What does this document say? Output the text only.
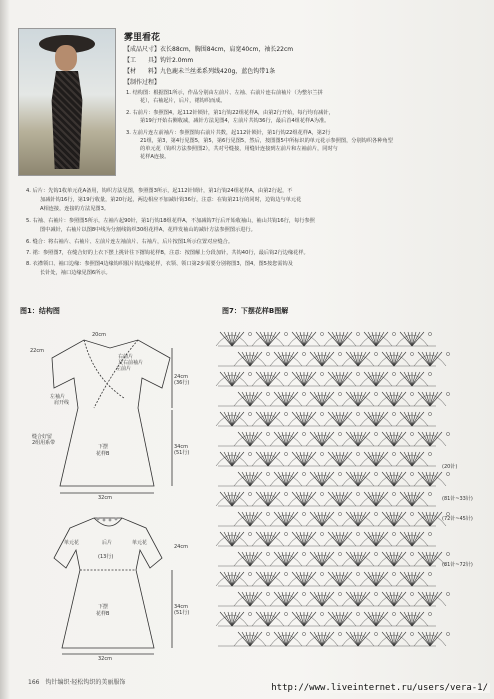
雾里看花
【成品尺寸】衣长88cm，胸围84cm，肩宽40cm，袖长22cm
【工　　具】钩针2.0mm
【材　　料】九色鹿未兰丝柔系列线420g，蓝色钩带1条
【制作过程】
1. 结构图：根据图1所示，作品分别由左前片、左袖、右前片连右前袖片（为整尔兰拼
花），右袖起片，后片，裙钩织而成。
2. 右前片：参照图4，起112针锁针，第1行钩22组花样A，由第2行开始，每行均有减针，
第19行开始右侧收减，减针方法见图4，左前片共钩36行，最后首4组花样A为准。
3. 左前片连左前袖片：参照图钩右前片共数，起112针锁针，第1行钩22组花样A，第2行
21组，第3，第4行见图5，第5，第6行见图5，然后，按图图5中所标识的单元花示参照图，分别钩织各种角型
的单元花（钩织方法参照图2），共对号缝接，用缝针连接到左前片和左袖前片，同时与
花样A连接。
4. 后片：先钩1枚单元花A备用，钩织方法见图，参照图3所示，起112针锁针，第1行钩24组花样A，由第2行起，不
加减针钩16行，第19行收量，第20行起，两边相应不加减针钩36行，注意：在钩第21行的同时，边钩边与单元花
A相连接，连接的方法见图3。
5. 右袖、右袖片：参照图5所示，左袖片起90针，第1行钩18组花样A，不加减钩7行后开始收袖山，袖山共钩16行，每行参照
图中减针，右袖片以图8中线为分割线钩织30组花样A，花样发袖山的减针方法参照图示进行。
6. 缝合：将右袖片、右袖片、左前片连左袖前片、右袖片，后片按图1所示位置对应缝合。
7. 裙：参照图7，在缝合好的上衣下摆上挑针往下撂钩花样B，注意：按图解上分段加针，共钩40行，最后钩2行边缘花样。
8. 衣襟领口、袖口边缘：参照图4边缘钩织服片钩边缘花样，衣领、领口第2步需要分别将图3，图4，图5按您需钩及
长针处，袖口边缘见图6所示。
图1：结构图	图7：下摆花样B图解
左前片
右前片
及右前袖片
左袖片
肩开线
缝合好留
2组用系带
下摆
花样B
32cm
24cm
(36行)
34cm
(51行)
单元花	后片	单元花
(13行)
下摆
花样B
24cm
34cm
(51行)
32cm
20cm
22cm
(20针)
(81针~33针)
(72针~45针)
(81针~72针)
166　钩针编织·轻松钩织的美丽服饰
http://www.liveinternet.ru/users/vera-1/
